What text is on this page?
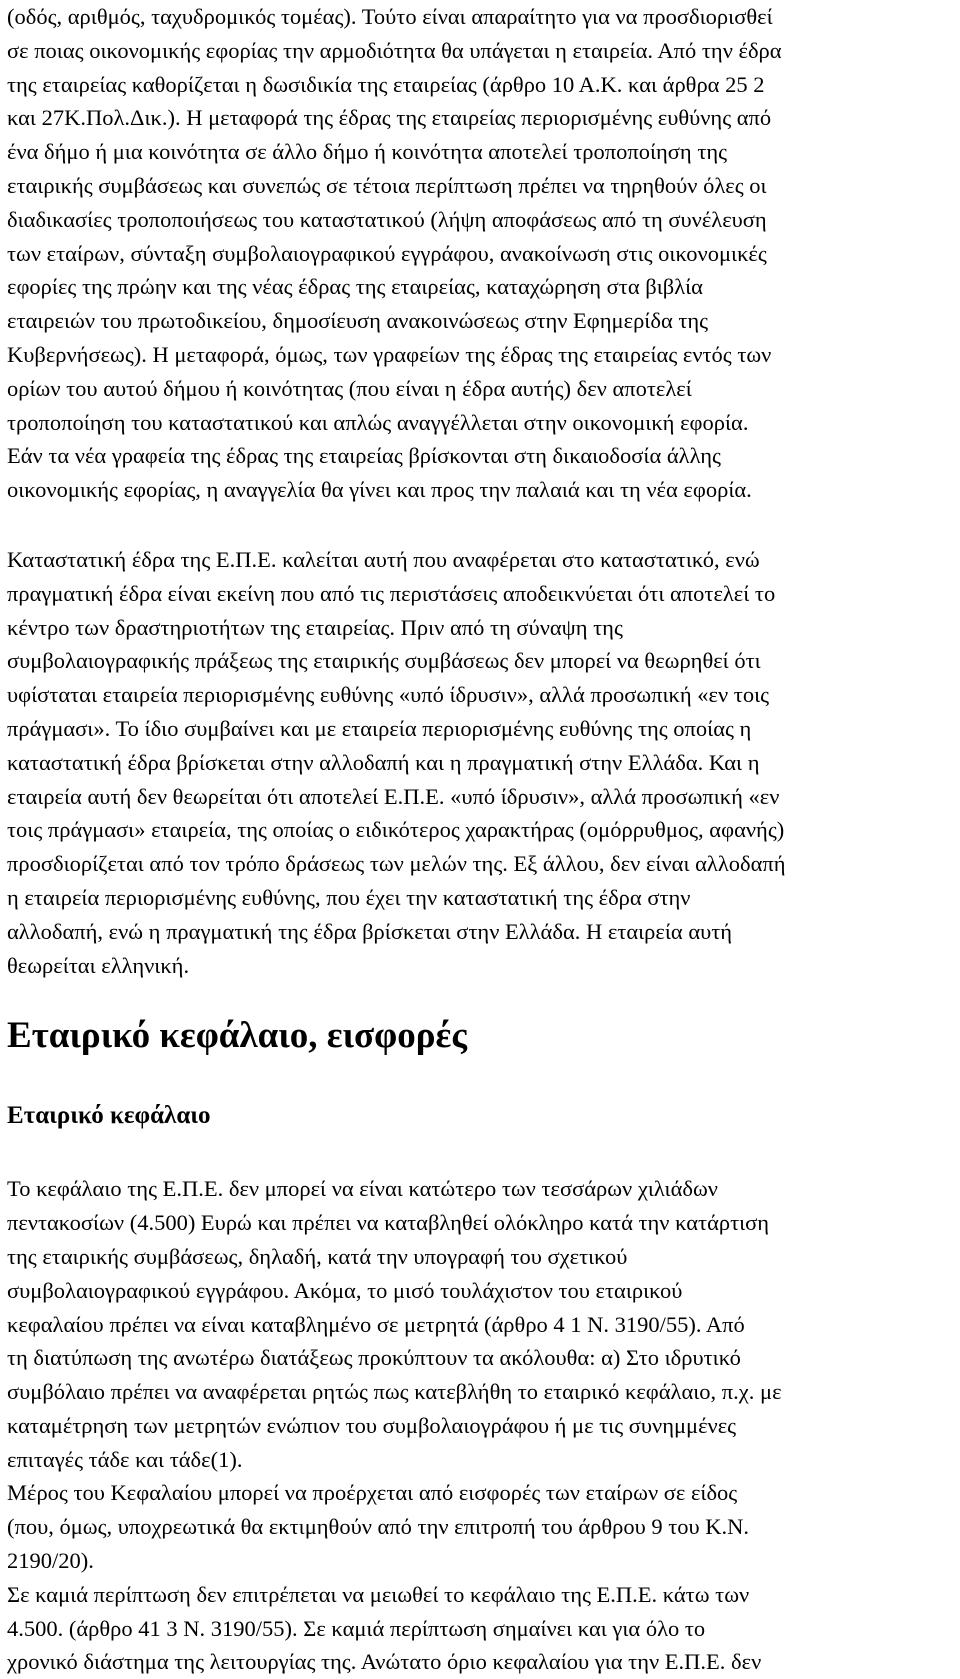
(οδός, αριθμός, ταχυδρομικός τομέας). Τούτο είναι απαραίτητο για να προσδιορισθεί
σε ποιας οικονομικής εφορίας την αρμοδιότητα θα υπάγεται η εταιρεία. Από την έδρα
της εταιρείας καθορίζεται η δωσιδικία της εταιρείας (άρθρο 10 Α.Κ. και άρθρα 25 2
και 27Κ.Πολ.Δικ.). Η μεταφορά της έδρας της εταιρείας περιορισμένης ευθύνης από
ένα δήμο ή μια κοινότητα σε άλλο δήμο ή κοινότητα αποτελεί τροποποίηση της
εταιρικής συμβάσεως και συνεπώς σε τέτοια περίπτωση πρέπει να τηρηθούν όλες οι
διαδικασίες τροποποιήσεως του καταστατικού (λήψη αποφάσεως από τη συνέλευση
των εταίρων, σύνταξη συμβολαιογραφικού εγγράφου, ανακοίνωση στις οικονομικές
εφορίες της πρώην και της νέας έδρας της εταιρείας, καταχώρηση στα βιβλία
εταιρειών του πρωτοδικείου, δημοσίευση ανακοινώσεως στην Εφημερίδα της
Κυβερνήσεως). Η μεταφορά, όμως, των γραφείων της έδρας της εταιρείας εντός των
ορίων του αυτού δήμου ή κοινότητας (που είναι η έδρα αυτής) δεν αποτελεί
τροποποίηση του καταστατικού και απλώς αναγγέλλεται στην οικονομική εφορία.
Εάν τα νέα γραφεία της έδρας της εταιρείας βρίσκονται στη δικαιοδοσία άλλης
οικονομικής εφορίας, η αναγγελία θα γίνει και προς την παλαιά και τη νέα εφορία.
Καταστατική έδρα της Ε.Π.Ε. καλείται αυτή που αναφέρεται στο καταστατικό, ενώ
πραγματική έδρα είναι εκείνη που από τις περιστάσεις αποδεικνύεται ότι αποτελεί το
κέντρο των δραστηριοτήτων της εταιρείας. Πριν από τη σύναψη της
συμβολαιογραφικής πράξεως της εταιρικής συμβάσεως δεν μπορεί να θεωρηθεί ότι
υφίσταται εταιρεία περιορισμένης ευθύνης «υπό ίδρυσιν», αλλά προσωπική «εν τοις
πράγμασι». Το ίδιο συμβαίνει και με εταιρεία περιορισμένης ευθύνης της οποίας η
καταστατική έδρα βρίσκεται στην αλλοδαπή και η πραγματική στην Ελλάδα. Και η
εταιρεία αυτή δεν θεωρείται ότι αποτελεί Ε.Π.Ε. «υπό ίδρυσιν», αλλά προσωπική «εν
τοις πράγμασι» εταιρεία, της οποίας ο ειδικότερος χαρακτήρας (ομόρρυθμος, αφανής)
προσδιορίζεται από τον τρόπο δράσεως των μελών της. Εξ άλλου, δεν είναι αλλοδαπή
η εταιρεία περιορισμένης ευθύνης, που έχει την καταστατική της έδρα στην
αλλοδαπή, ενώ η πραγματική της έδρα βρίσκεται στην Ελλάδα. Η εταιρεία αυτή
θεωρείται ελληνική.
Εταιρικό κεφάλαιο, εισφορές
Εταιρικό κεφάλαιο
Το κεφάλαιο της Ε.Π.Ε. δεν μπορεί να είναι κατώτερο των τεσσάρων χιλιάδων
πεντακοσίων (4.500) Ευρώ και πρέπει να καταβληθεί ολόκληρο κατά την κατάρτιση
της εταιρικής συμβάσεως, δηλαδή, κατά την υπογραφή του σχετικού
συμβολαιογραφικού εγγράφου. Ακόμα, το μισό τουλάχιστον του εταιρικού
κεφαλαίου πρέπει να είναι καταβλημένο σε μετρητά (άρθρο 4 1 Ν. 3190/55). Από
τη διατύπωση της ανωτέρω διατάξεως προκύπτουν τα ακόλουθα: α) Στο ιδρυτικό
συμβόλαιο πρέπει να αναφέρεται ρητώς πως κατεβλήθη το εταιρικό κεφάλαιο, π.χ. με
καταμέτρηση των μετρητών ενώπιον του συμβολαιογράφου ή με τις συνημμένες
επιταγές τάδε και τάδε(1).
Μέρος του Κεφαλαίου μπορεί να προέρχεται από εισφορές των εταίρων σε είδος
(που, όμως, υποχρεωτικά θα εκτιμηθούν από την επιτροπή του άρθρου 9 του Κ.Ν.
2190/20).
Σε καμιά περίπτωση δεν επιτρέπεται να μειωθεί το κεφάλαιο της Ε.Π.Ε. κάτω των
4.500. (άρθρο 41 3 Ν. 3190/55). Σε καμιά περίπτωση σημαίνει και για όλο το
χρονικό διάστημα της λειτουργίας της. Ανώτατο όριο κεφαλαίου για την Ε.Π.Ε. δεν
